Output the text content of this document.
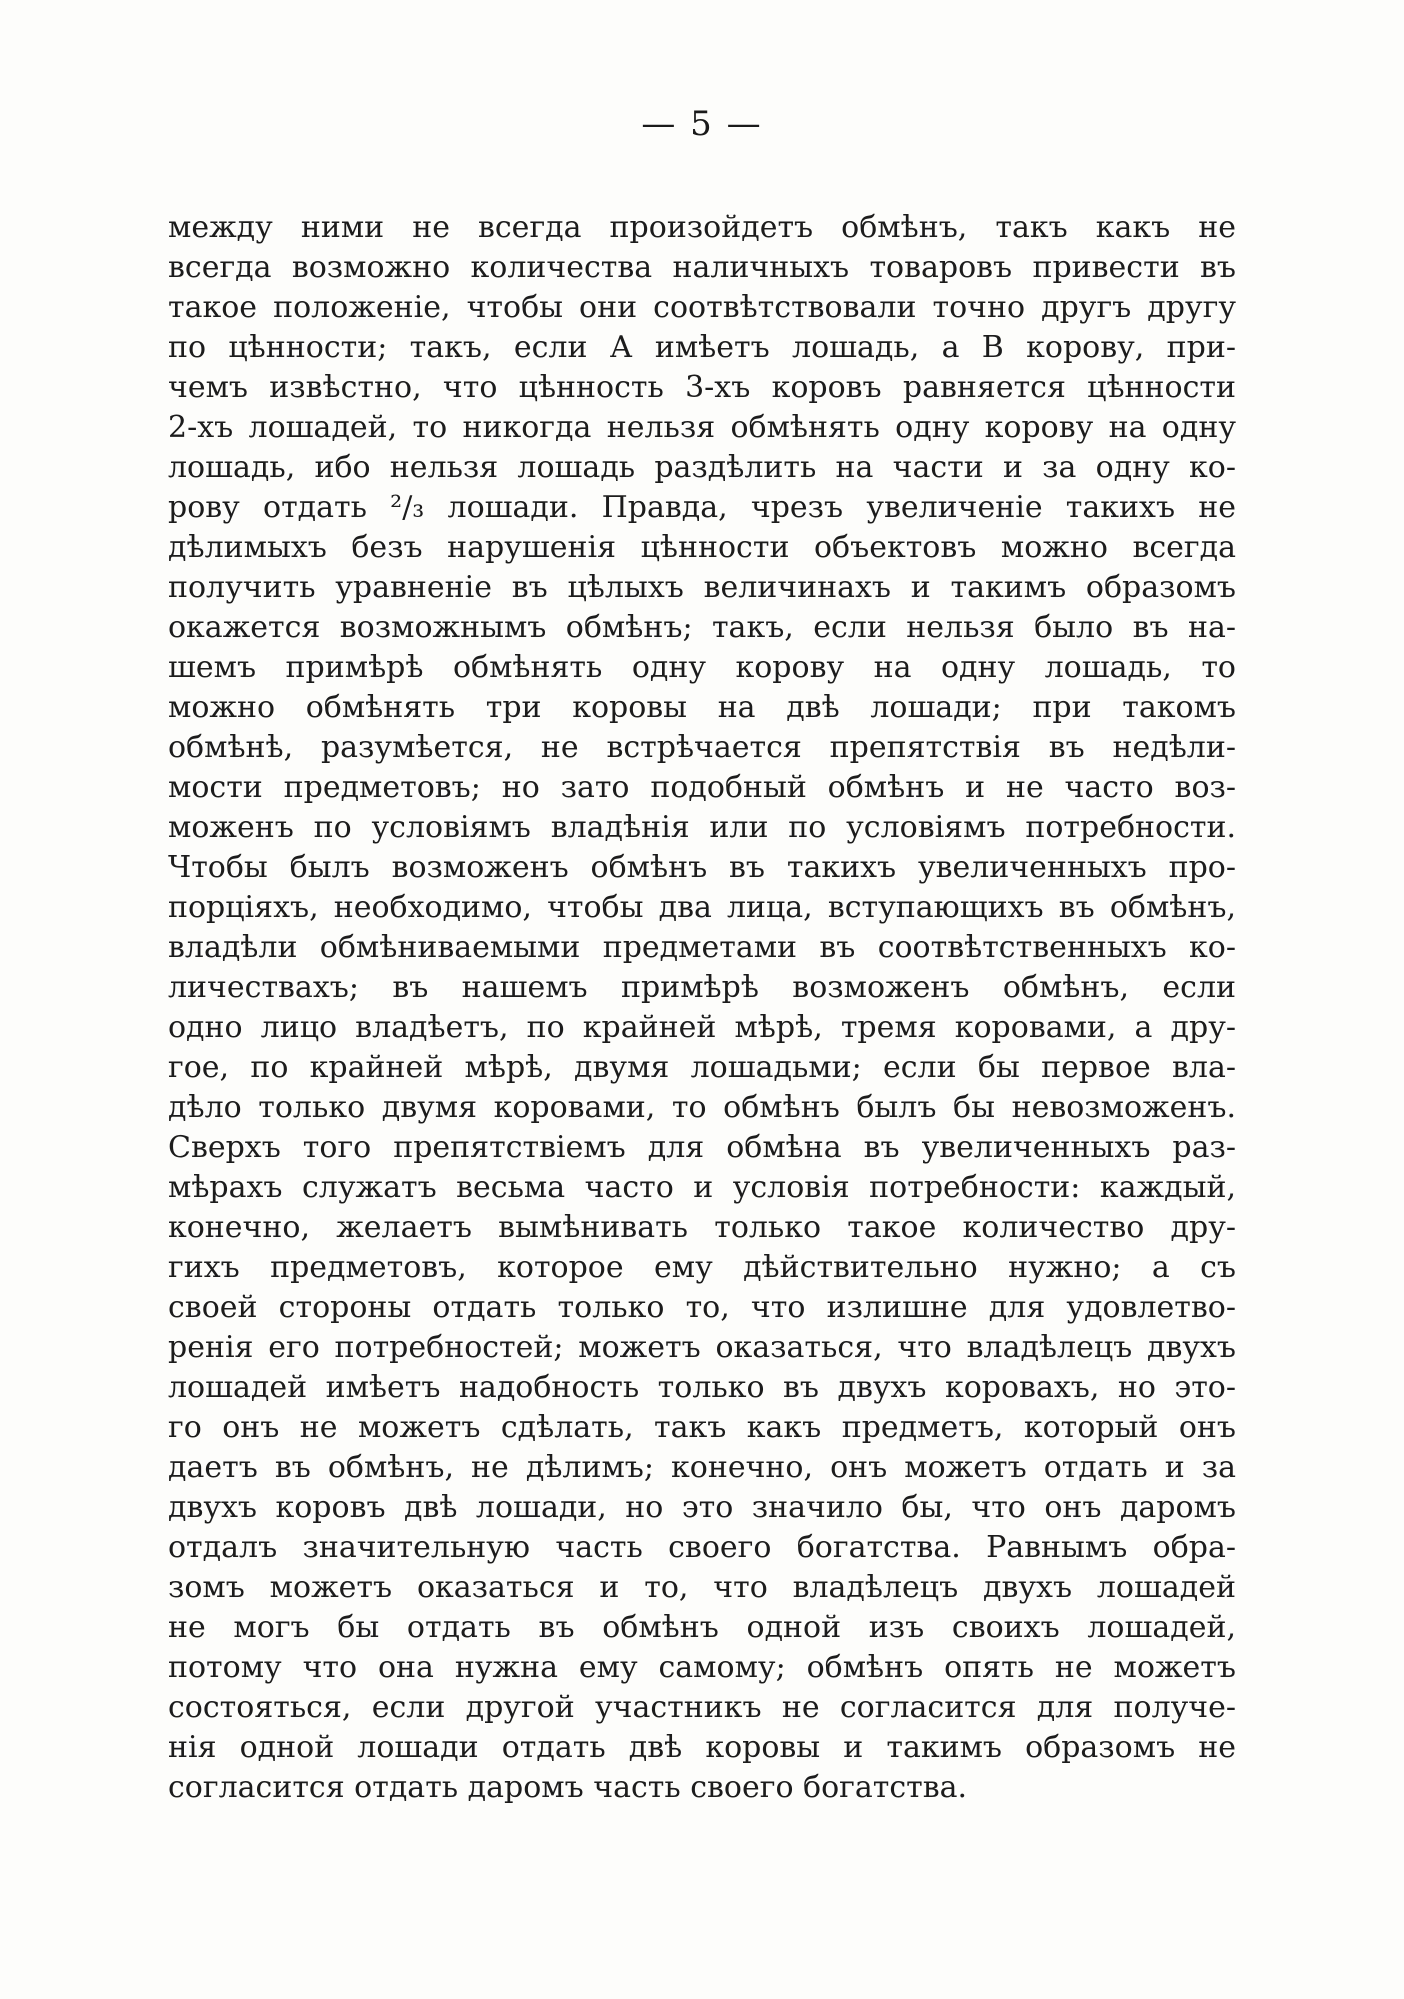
— 5 —
между ними не всегда произойдетъ обмѣнъ, такъ какъ не
всегда возможно количества наличныхъ товаровъ привести въ
такое положеніе, чтобы они соотвѣтствовали точно другъ другу
по цѣнности; такъ, если А имѣетъ лошадь, а В корову, при-
чемъ извѣстно, что цѣнность 3-хъ коровъ равняется цѣнности
2-хъ лошадей, то никогда нельзя обмѣнять одну корову на одну
лошадь, ибо нельзя лошадь раздѣлить на части и за одну ко-
рову отдать ²/₃ лошади. Правда, чрезъ увеличеніе такихъ не
дѣлимыхъ безъ нарушенія цѣнности объектовъ можно всегда
получить уравненіе въ цѣлыхъ величинахъ и такимъ образомъ
окажется возможнымъ обмѣнъ; такъ, если нельзя было въ на-
шемъ примѣрѣ обмѣнять одну корову на одну лошадь, то
можно обмѣнять три коровы на двѣ лошади; при такомъ
обмѣнѣ, разумѣется, не встрѣчается препятствія въ недѣли-
мости предметовъ; но зато подобный обмѣнъ и не часто воз-
моженъ по условіямъ владѣнія или по условіямъ потребности.
Чтобы былъ возможенъ обмѣнъ въ такихъ увеличенныхъ про-
порціяхъ, необходимо, чтобы два лица, вступающихъ въ обмѣнъ,
владѣли обмѣниваемыми предметами въ соотвѣтственныхъ ко-
личествахъ; въ нашемъ примѣрѣ возможенъ обмѣнъ, если
одно лицо владѣетъ, по крайней мѣрѣ, тремя коровами, а дру-
гое, по крайней мѣрѣ, двумя лошадьми; если бы первое вла-
дѣло только двумя коровами, то обмѣнъ былъ бы невозможенъ.
Сверхъ того препятствіемъ для обмѣна въ увеличенныхъ раз-
мѣрахъ служатъ весьма часто и условія потребности: каждый,
конечно, желаетъ вымѣнивать только такое количество дру-
гихъ предметовъ, которое ему дѣйствительно нужно; а съ
своей стороны отдать только то, что излишне для удовлетво-
ренія его потребностей; можетъ оказаться, что владѣлецъ двухъ
лошадей имѣетъ надобность только въ двухъ коровахъ, но это-
го онъ не можетъ сдѣлать, такъ какъ предметъ, который онъ
даетъ въ обмѣнъ, не дѣлимъ; конечно, онъ можетъ отдать и за
двухъ коровъ двѣ лошади, но это значило бы, что онъ даромъ
отдалъ значительную часть своего богатства. Равнымъ обра-
зомъ можетъ оказаться и то, что владѣлецъ двухъ лошадей
не могъ бы отдать въ обмѣнъ одной изъ своихъ лошадей,
потому что она нужна ему самому; обмѣнъ опять не можетъ
состояться, если другой участникъ не согласится для получе-
нія одной лошади отдать двѣ коровы и такимъ образомъ не
согласится отдать даромъ часть своего богатства.
